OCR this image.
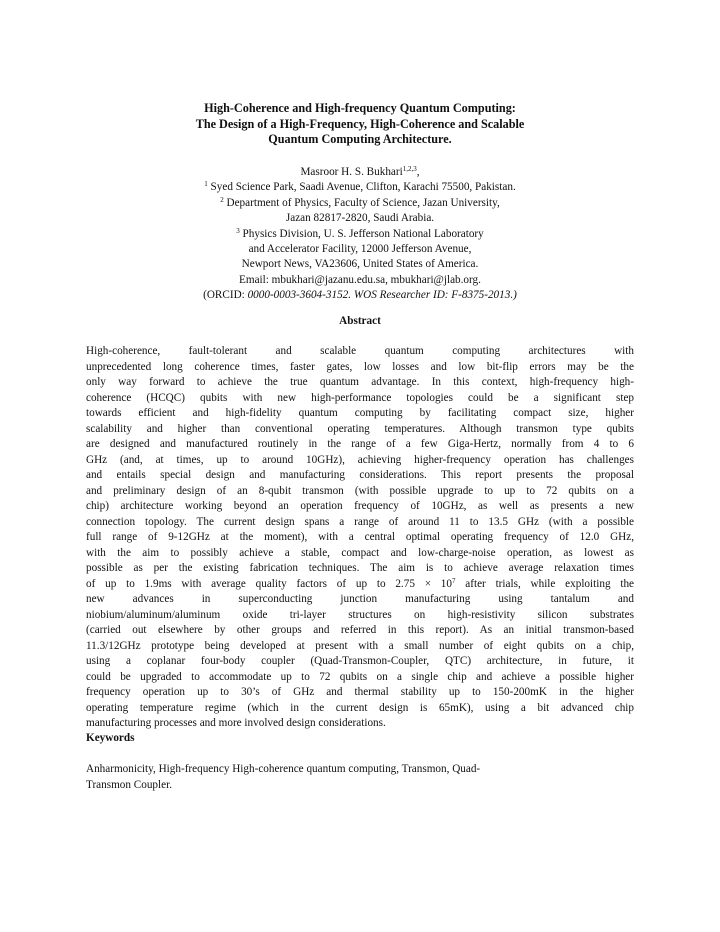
High-Coherence and High-frequency Quantum Computing:
The Design of a High-Frequency, High-Coherence and Scalable
Quantum Computing Architecture.
Masroor H. S. Bukhari$^{1,2,3}$,
$^1$ Syed Science Park, Saadi Avenue, Clifton, Karachi 75500, Pakistan.
$^2$ Department of Physics, Faculty of Science, Jazan University,
Jazan 82817-2820, Saudi Arabia.
$^3$ Physics Division, U. S. Jefferson National Laboratory
and Accelerator Facility, 12000 Jefferson Avenue,
Newport News, VA23606, United States of America.
Email: mbukhari@jazanu.edu.sa, mbukhari@jlab.org.
(ORCID: 0000-0003-3604-3152. WOS Researcher ID: F-8375-2013.)
Abstract
High-coherence, fault-tolerant and scalable quantum computing architectures with
unprecedented long coherence times, faster gates, low losses and low bit-flip errors may be the
only way forward to achieve the true quantum advantage. In this context, high-frequency high-
coherence (HCQC) qubits with new high-performance topologies could be a significant step
towards efficient and high-fidelity quantum computing by facilitating compact size, higher
scalability and higher than conventional operating temperatures. Although transmon type qubits
are designed and manufactured routinely in the range of a few Giga-Hertz, normally from 4 to 6
GHz (and, at times, up to around 10GHz), achieving higher-frequency operation has challenges
and entails special design and manufacturing considerations. This report presents the proposal
and preliminary design of an 8-qubit transmon (with possible upgrade to up to 72 qubits on a
chip) architecture working beyond an operation frequency of 10GHz, as well as presents a new
connection topology. The current design spans a range of around 11 to 13.5 GHz (with a possible
full range of 9-12GHz at the moment), with a central optimal operating frequency of 12.0 GHz,
with the aim to possibly achieve a stable, compact and low-charge-noise operation, as lowest as
possible as per the existing fabrication techniques. The aim is to achieve average relaxation times
of up to 1.9ms with average quality factors of up to $2.75 \times 10^7$ after trials, while exploiting the
new advances in superconducting junction manufacturing using tantalum and
niobium/aluminum/aluminum oxide tri-layer structures on high-resistivity silicon substrates
(carried out elsewhere by other groups and referred in this report). As an initial transmon-based
11.3/12GHz prototype being developed at present with a small number of eight qubits on a chip,
using a coplanar four-body coupler (Quad-Transmon-Coupler, QTC) architecture, in future, it
could be upgraded to accommodate up to 72 qubits on a single chip and achieve a possible higher
frequency operation up to 30’s of GHz and thermal stability up to 150-200mK in the higher
operating temperature regime (which in the current design is 65mK), using a bit advanced chip
manufacturing processes and more involved design considerations.
Keywords
Anharmonicity, High-frequency High-coherence quantum computing, Transmon, Quad-
Transmon Coupler.
